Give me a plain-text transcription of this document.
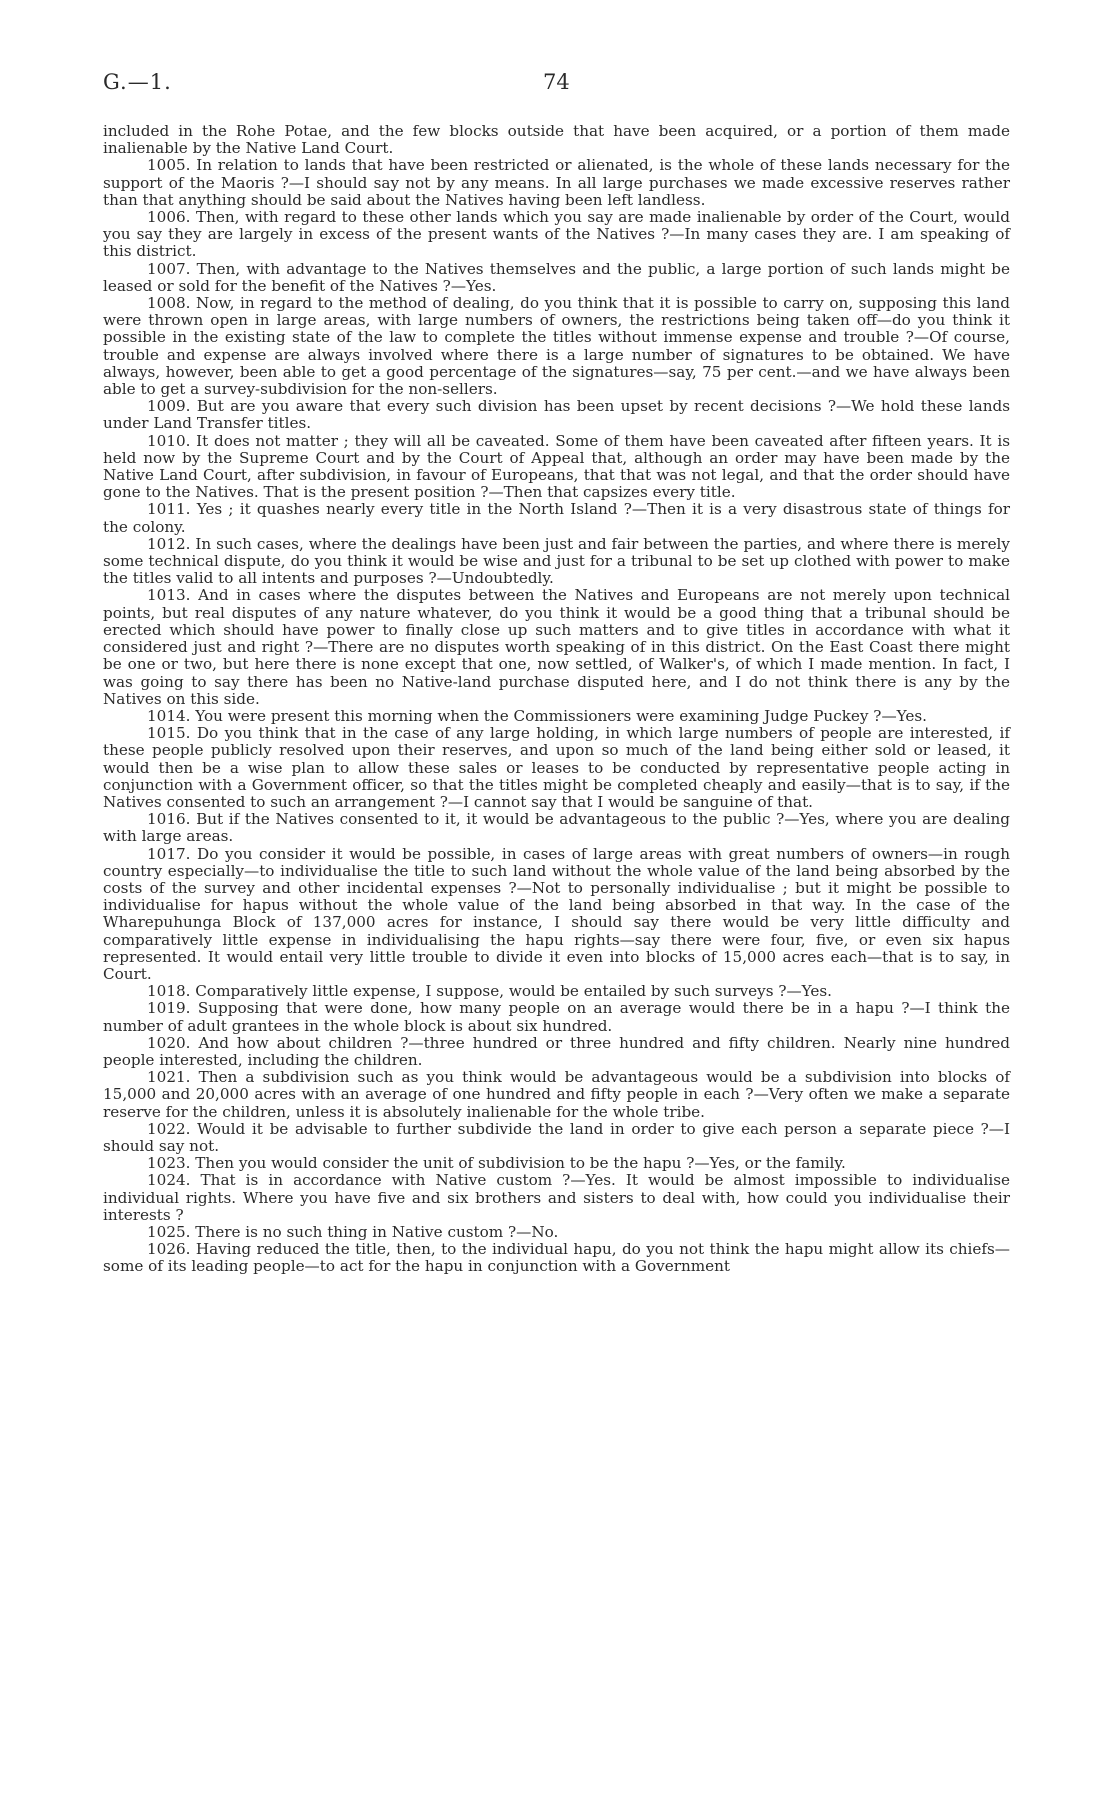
G.—1.	74

included in the Rohe Potae, and the few blocks outside that have been acquired, or a portion of them made inalienable by the Native Land Court.

1005. In relation to lands that have been restricted or alienated, is the whole of these lands necessary for the support of the Maoris ?—I should say not by any means. In all large purchases we made excessive reserves rather than that anything should be said about the Natives having been left landless.

1006. Then, with regard to these other lands which you say are made inalienable by order of the Court, would you say they are largely in excess of the present wants of the Natives ?—In many cases they are. I am speaking of this district.

1007. Then, with advantage to the Natives themselves and the public, a large portion of such lands might be leased or sold for the benefit of the Natives ?—Yes.

1008. Now, in regard to the method of dealing, do you think that it is possible to carry on, supposing this land were thrown open in large areas, with large numbers of owners, the restrictions being taken off—do you think it possible in the existing state of the law to complete the titles without immense expense and trouble ?—Of course, trouble and expense are always involved where there is a large number of signatures to be obtained. We have always, however, been able to get a good percentage of the signatures—say, 75 per cent.—and we have always been able to get a survey-subdivision for the non-sellers.

1009. But are you aware that every such division has been upset by recent decisions ?—We hold these lands under Land Transfer titles.

1010. It does not matter ; they will all be caveated. Some of them have been caveated after fifteen years. It is held now by the Supreme Court and by the Court of Appeal that, although an order may have been made by the Native Land Court, after subdivision, in favour of Europeans, that that was not legal, and that the order should have gone to the Natives. That is the present position ?—Then that capsizes every title.

1011. Yes ; it quashes nearly every title in the North Island ?—Then it is a very disastrous state of things for the colony.

1012. In such cases, where the dealings have been just and fair between the parties, and where there is merely some technical dispute, do you think it would be wise and just for a tribunal to be set up clothed with power to make the titles valid to all intents and purposes ?—Undoubtedly.

1013. And in cases where the disputes between the Natives and Europeans are not merely upon technical points, but real disputes of any nature whatever, do you think it would be a good thing that a tribunal should be erected which should have power to finally close up such matters and to give titles in accordance with what it considered just and right ?—There are no disputes worth speaking of in this district. On the East Coast there might be one or two, but here there is none except that one, now settled, of Walker's, of which I made mention. In fact, I was going to say there has been no Native-land purchase disputed here, and I do not think there is any by the Natives on this side.

1014. You were present this morning when the Commissioners were examining Judge Puckey ?—Yes.

1015. Do you think that in the case of any large holding, in which large numbers of people are interested, if these people publicly resolved upon their reserves, and upon so much of the land being either sold or leased, it would then be a wise plan to allow these sales or leases to be conducted by representative people acting in conjunction with a Government officer, so that the titles might be completed cheaply and easily—that is to say, if the Natives consented to such an arrangement ?—I cannot say that I would be sanguine of that.

1016. But if the Natives consented to it, it would be advantageous to the public ?—Yes, where you are dealing with large areas.

1017. Do you consider it would be possible, in cases of large areas with great numbers of owners—in rough country especially—to individualise the title to such land without the whole value of the land being absorbed by the costs of the survey and other incidental expenses ?—Not to personally individualise ; but it might be possible to individualise for hapus without the whole value of the land being absorbed in that way. In the case of the Wharepuhunga Block of 137,000 acres for instance, I should say there would be very little difficulty and comparatively little expense in individualising the hapu rights—say there were four, five, or even six hapus represented. It would entail very little trouble to divide it even into blocks of 15,000 acres each—that is to say, in Court.

1018. Comparatively little expense, I suppose, would be entailed by such surveys ?—Yes.

1019. Supposing that were done, how many people on an average would there be in a hapu ?—I think the number of adult grantees in the whole block is about six hundred.

1020. And how about children ?—three hundred or three hundred and fifty children. Nearly nine hundred people interested, including the children.

1021. Then a subdivision such as you think would be advantageous would be a subdivision into blocks of 15,000 and 20,000 acres with an average of one hundred and fifty people in each ?—Very often we make a separate reserve for the children, unless it is absolutely inalienable for the whole tribe.

1022. Would it be advisable to further subdivide the land in order to give each person a separate piece ?—I should say not.

1023. Then you would consider the unit of subdivision to be the hapu ?—Yes, or the family.

1024. That is in accordance with Native custom ?—Yes. It would be almost impossible to individualise individual rights. Where you have five and six brothers and sisters to deal with, how could you individualise their interests ?

1025. There is no such thing in Native custom ?—No.

1026. Having reduced the title, then, to the individual hapu, do you not think the hapu might allow its chiefs—some of its leading people—to act for the hapu in conjunction with a Government
